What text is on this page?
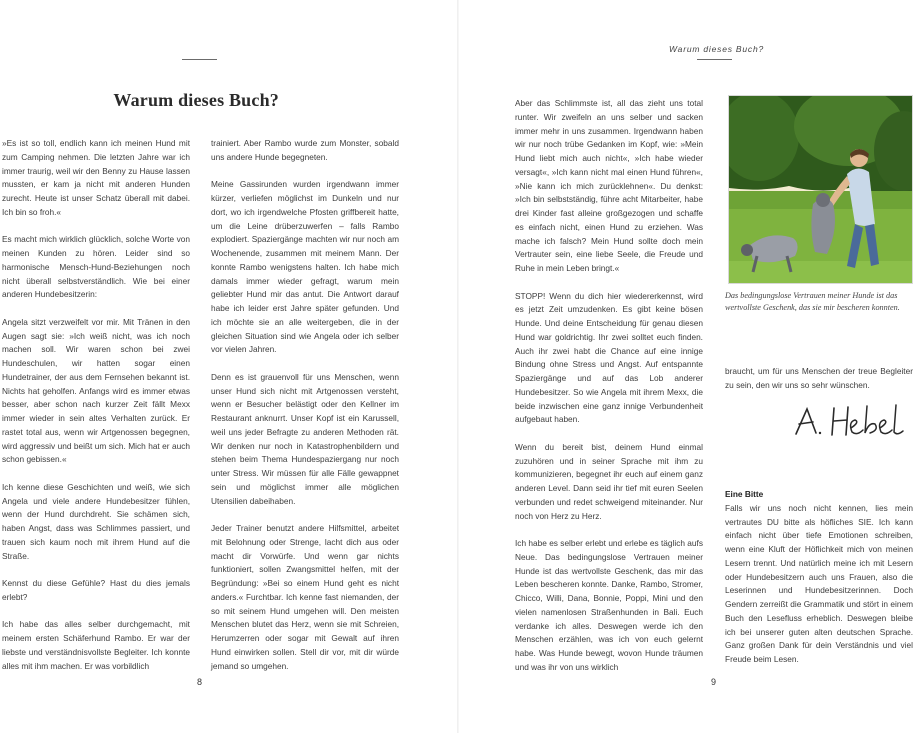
Warum dieses Buch?

»Es ist so toll, endlich kann ich meinen Hund mit zum Camping nehmen. Die letzten Jahre war ich immer traurig, weil wir den Benny zu Hause lassen mussten, er kam ja nicht mit anderen Hunden zurecht. Heute ist unser Schatz überall mit dabei. Ich bin so froh.«

Es macht mich wirklich glücklich, solche Worte von meinen Kunden zu hören. Leider sind so harmonische Mensch-Hund-Beziehungen noch nicht überall selbstverständlich. Wie bei einer anderen Hundebesitzerin:

Angela sitzt verzweifelt vor mir. Mit Tränen in den Augen sagt sie: »Ich weiß nicht, was ich noch machen soll. Wir waren schon bei zwei Hundeschulen, wir hatten sogar einen Hundetrainer, der aus dem Fernsehen bekannt ist. Nichts hat geholfen. Anfangs wird es immer etwas besser, aber schon nach kurzer Zeit fällt Mexx immer wieder in sein altes Verhalten zurück. Er rastet total aus, wenn wir Artgenossen begegnen, wird aggressiv und beißt um sich. Mich hat er auch schon gebissen.«

Ich kenne diese Geschichten und weiß, wie sich Angela und viele andere Hundebesitzer fühlen, wenn der Hund durchdreht. Sie schämen sich, haben Angst, dass was Schlimmes passiert, und trauen sich kaum noch mit ihrem Hund auf die Straße.

Kennst du diese Gefühle? Hast du dies jemals erlebt?

Ich habe das alles selber durchgemacht, mit meinem ersten Schäferhund Rambo. Er war der liebste und verständnisvollste Begleiter. Ich konnte alles mit ihm machen. Er was vorbildlich

trainiert. Aber Rambo wurde zum Monster, sobald uns andere Hunde begegneten.

Meine Gassirunden wurden irgendwann immer kürzer, verliefen möglichst im Dunkeln und nur dort, wo ich irgendwelche Pfosten griffbereit hatte, um die Leine drüberzuwerfen – falls Rambo explodiert. Spaziergänge machten wir nur noch am Wochenende, zusammen mit meinem Mann. Der konnte Rambo wenigstens halten. Ich habe mich damals immer wieder gefragt, warum mein geliebter Hund mir das antut. Die Antwort darauf habe ich leider erst Jahre später gefunden. Und ich möchte sie an alle weitergeben, die in der gleichen Situation sind wie Angela oder ich selber vor vielen Jahren.

Denn es ist grauenvoll für uns Menschen, wenn unser Hund sich nicht mit Artgenossen versteht, wenn er Besucher belästigt oder den Kellner im Restaurant anknurrt. Unser Kopf ist ein Karussell, weil uns jeder Befragte zu anderen Methoden rät. Wir denken nur noch in Katastrophenbildern und stehen beim Thema Hundespaziergang nur noch unter Stress. Wir müssen für alle Fälle gewappnet sein und möglichst immer alle möglichen Utensilien dabeihaben.

Jeder Trainer benutzt andere Hilfsmittel, arbeitet mit Belohnung oder Strenge, lacht dich aus oder macht dir Vorwürfe. Und wenn gar nichts funktioniert, sollen Zwangsmittel helfen, mit der Begründung: »Bei so einem Hund geht es nicht anders.« Furchtbar. Ich kenne fast niemanden, der so mit seinem Hund umgehen will. Den meisten Menschen blutet das Herz, wenn sie mit Schreien, Herumzerren oder sogar mit Gewalt auf ihren Hund einwirken sollen. Stell dir vor, mit dir würde jemand so umgehen.

8
Warum dieses Buch?

Aber das Schlimmste ist, all das zieht uns total runter. Wir zweifeln an uns selber und sacken immer mehr in uns zusammen. Irgendwann haben wir nur noch trübe Gedanken im Kopf, wie: »Mein Hund liebt mich auch nicht«, »Ich habe wieder versagt«, »Ich kann nicht mal einen Hund führen«, »Nie kann ich mich zurücklehnen«. Du denkst: »Ich bin selbstständig, führe acht Mitarbeiter, habe drei Kinder fast alleine großgezogen und schaffe es einfach nicht, einen Hund zu erziehen. Was mache ich falsch? Mein Hund sollte doch mein Vertrauter sein, eine liebe Seele, die Freude und Ruhe in mein Leben bringt.«

STOPP! Wenn du dich hier wiedererkennst, wird es jetzt Zeit umzudenken. Es gibt keine bösen Hunde. Und deine Entscheidung für genau diesen Hund war goldrichtig. Ihr zwei solltet euch finden. Auch ihr zwei habt die Chance auf eine innige Bindung ohne Stress und Angst. Auf entspannte Spaziergänge und auf das Lob anderer Hundebesitzer. So wie Angela mit ihrem Mexx, die beide inzwischen eine ganz innige Verbundenheit aufgebaut haben.

Wenn du bereit bist, deinem Hund einmal zuzuhören und in seiner Sprache mit ihm zu kommunizieren, begegnet ihr euch auf einem ganz anderen Level. Dann seid ihr tief mit euren Seelen verbunden und redet schweigend miteinander. Nur noch von Herz zu Herz.

Ich habe es selber erlebt und erlebe es täglich aufs Neue. Das bedingungslose Vertrauen meiner Hunde ist das wertvollste Geschenk, das mir das Leben bescheren konnte. Danke, Rambo, Stromer, Chicco, Willi, Dana, Bonnie, Poppi, Mini und den vielen namenlosen Straßenhunden in Bali. Euch verdanke ich alles. Deswegen werde ich den Menschen erzählen, was ich von euch gelernt habe. Was Hunde bewegt, wovon Hunde träumen und was ihr von uns wirklich

Das bedingungslose Vertrauen meiner Hunde ist das wertvollste Geschenk, das sie mir bescheren konnten.

braucht, um für uns Menschen der treue Begleiter zu sein, den wir uns so sehr wünschen.

Eine Bitte

Falls wir uns noch nicht kennen, lies mein vertrautes DU bitte als höfliches SIE. Ich kann einfach nicht über tiefe Emotionen schreiben, wenn eine Kluft der Höflichkeit mich von meinen Lesern trennt. Und natürlich meine ich mit Lesern oder Hundebesitzern auch uns Frauen, also die Leserinnen und Hundebesitzerinnen. Doch Gendern zerreißt die Grammatik und stört in einem Buch den Lesefluss erheblich. Deswegen bleibe ich bei unserer guten alten deutschen Sprache. Ganz großen Dank für dein Verständnis und viel Freude beim Lesen.

9
